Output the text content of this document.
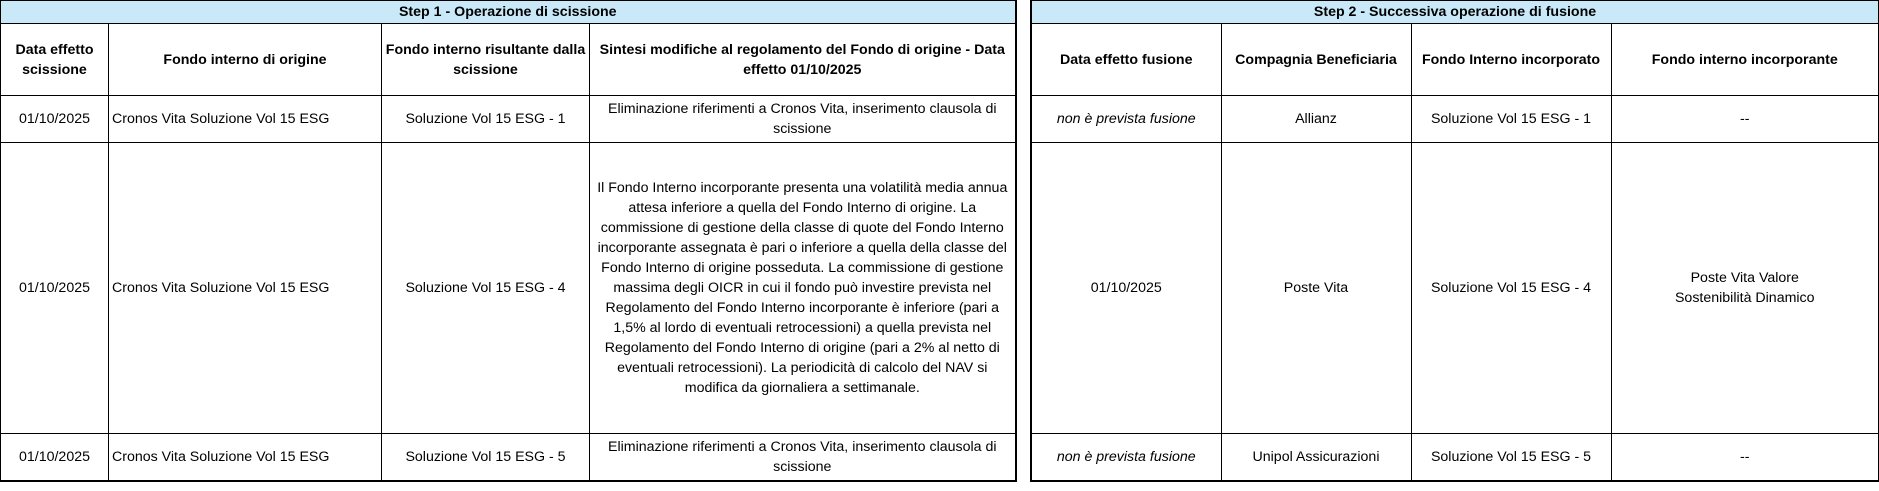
Step 1 - Operazione di scissione			
Data effetto scissione	Fondo interno di origine	Fondo interno risultante dalla scissione	Sintesi modifiche al regolamento del Fondo di origine - Data effetto 01/10/2025
01/10/2025	Cronos Vita Soluzione Vol 15 ESG	Soluzione Vol 15 ESG - 1	Eliminazione riferimenti a Cronos Vita, inserimento clausola di scissione
01/10/2025	Cronos Vita Soluzione Vol 15 ESG	Soluzione Vol 15 ESG - 4	Il Fondo Interno incorporante presenta una volatilità media annua attesa inferiore a quella del Fondo Interno di origine. La commissione di gestione della classe di quote del Fondo Interno incorporante assegnata è pari o inferiore a quella della classe del Fondo Interno di origine posseduta. La commissione di gestione massima degli OICR in cui il fondo può investire prevista nel Regolamento del Fondo Interno incorporante è inferiore (pari a 1,5% al lordo di eventuali retrocessioni) a quella prevista nel Regolamento del Fondo Interno di origine (pari a 2% al netto di eventuali retrocessioni). La periodicità di calcolo del NAV si modifica da giornaliera a settimanale.
01/10/2025	Cronos Vita Soluzione Vol 15 ESG	Soluzione Vol 15 ESG - 5	Eliminazione riferimenti a Cronos Vita, inserimento clausola di scissione
Step 2 - Successiva operazione di fusione			
Data effetto fusione	Compagnia Beneficiaria	Fondo Interno incorporato	Fondo interno incorporante
non è prevista fusione	Allianz	Soluzione Vol 15 ESG - 1	--
01/10/2025	Poste Vita	Soluzione Vol 15 ESG - 4	Poste Vita Valore Sostenibilità Dinamico
non è prevista fusione	Unipol Assicurazioni	Soluzione Vol 15 ESG - 5	--
